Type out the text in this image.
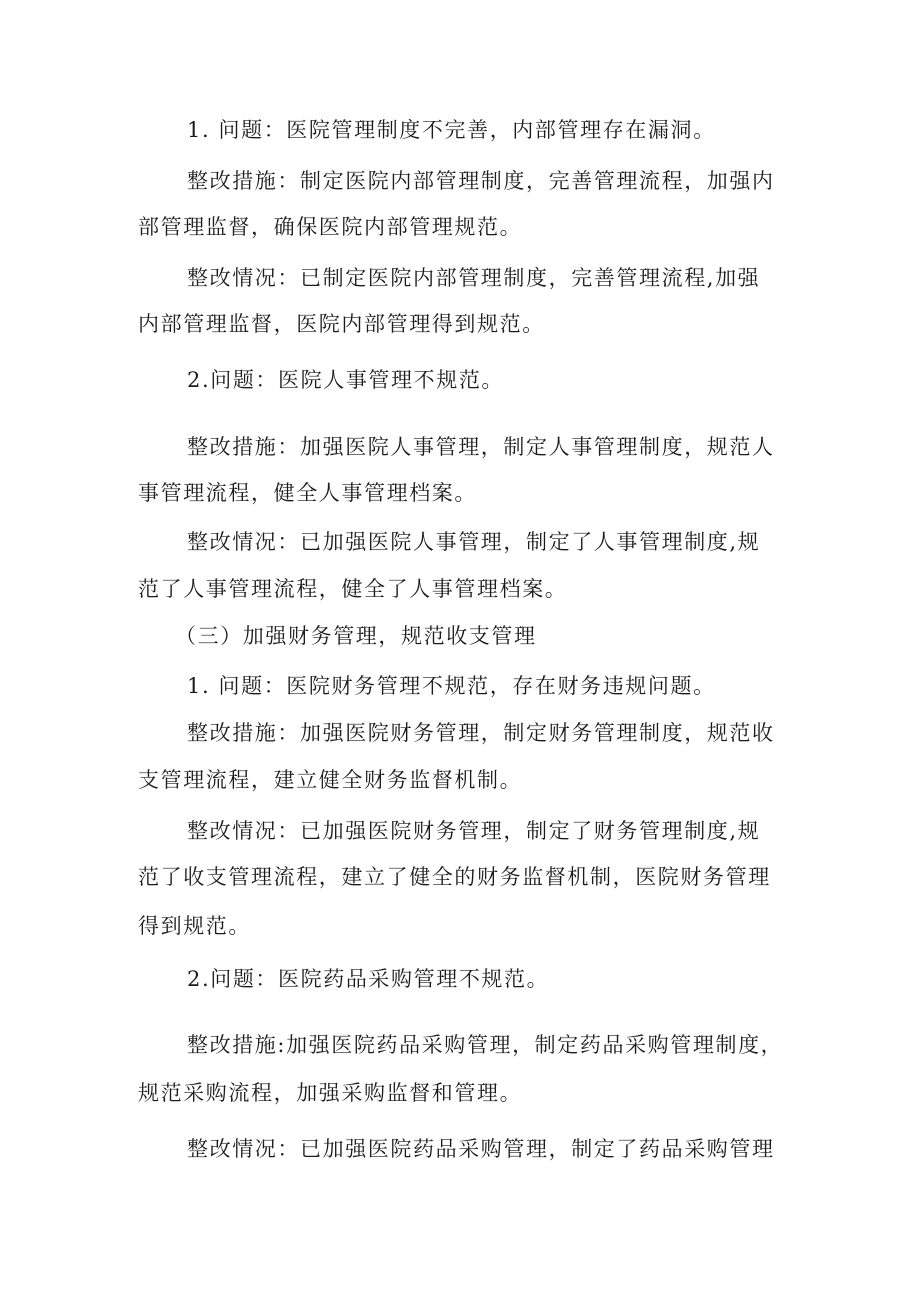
1. 问题：医院管理制度不完善，内部管理存在漏洞。
整改措施：制定医院内部管理制度，完善管理流程，加强内
部管理监督，确保医院内部管理规范。
整改情况：已制定医院内部管理制度，完善管理流程,加强
内部管理监督，医院内部管理得到规范。
2.问题：医院人事管理不规范。
整改措施：加强医院人事管理，制定人事管理制度，规范人
事管理流程，健全人事管理档案。
整改情况：已加强医院人事管理，制定了人事管理制度,规
范了人事管理流程，健全了人事管理档案。
（三）加强财务管理，规范收支管理
1. 问题：医院财务管理不规范，存在财务违规问题。
整改措施：加强医院财务管理，制定财务管理制度，规范收
支管理流程，建立健全财务监督机制。
整改情况：已加强医院财务管理，制定了财务管理制度,规
范了收支管理流程，建立了健全的财务监督机制，医院财务管理
得到规范。
2.问题：医院药品采购管理不规范。
整改措施:加强医院药品采购管理，制定药品采购管理制度，
规范采购流程，加强采购监督和管理。
整改情况：已加强医院药品采购管理，制定了药品采购管理
